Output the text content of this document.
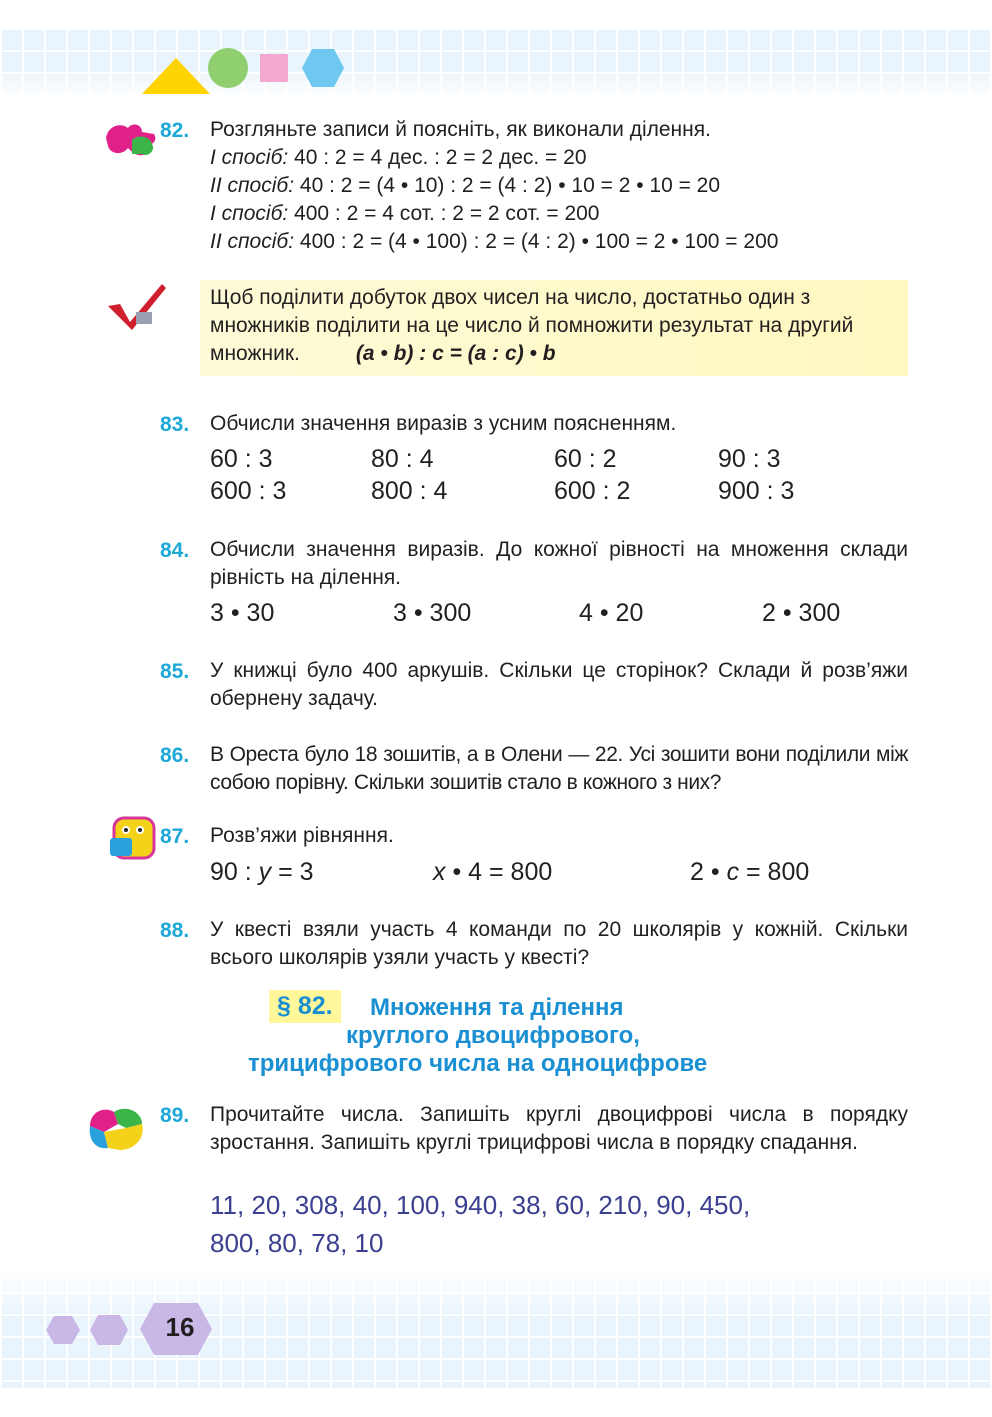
82. Розгляньте записи й поясніть, як виконали ділення.
І спосіб: 40 : 2 = 4 дес. : 2 = 2 дес. = 20
ІІ спосіб: 40 : 2 = (4 • 10) : 2 = (4 : 2) • 10 = 2 • 10 = 20
І спосіб: 400 : 2 = 4 сот. : 2 = 2 сот. = 200
ІІ спосіб: 400 : 2 = (4 • 100) : 2 = (4 : 2) • 100 = 2 • 100 = 200
Щоб поділити добуток двох чисел на число, достатньо один з множників поділити на це число й помножити результат на другий множник.	(a • b) : c = (a : c) • b
83. Обчисли значення виразів з усним поясненням.
60 : 3	80 : 4	60 : 2	90 : 3
600 : 3	800 : 4	600 : 2	900 : 3
84. Обчисли значення виразів. До кожної рівності на множення склади рівність на ділення.
3 • 30	3 • 300	4 • 20	2 • 300
85. У книжці було 400 аркушів. Скільки це сторінок? Склади й розв’яжи обернену задачу.
86. В Ореста було 18 зошитів, а в Олени — 22. Усі зошити вони поділили між собою порівну. Скільки зошитів стало в кожного з них?
87. Розв’яжи рівняння.
90 : y = 3	x • 4 = 800	2 • c = 800
88. У квесті взяли участь 4 команди по 20 школярів у кожній. Скільки всього школярів узяли участь у квесті?
§ 82.	Множення та ділення
круглого двоцифрового,
трицифрового числа на одноцифрове
89. Прочитайте числа. Запишіть круглі двоцифрові числа в порядку зростання. Запишіть круглі трицифрові числа в порядку спадання.
11, 20, 308, 40, 100, 940, 38, 60, 210, 90, 450,
800, 80, 78, 10
16
